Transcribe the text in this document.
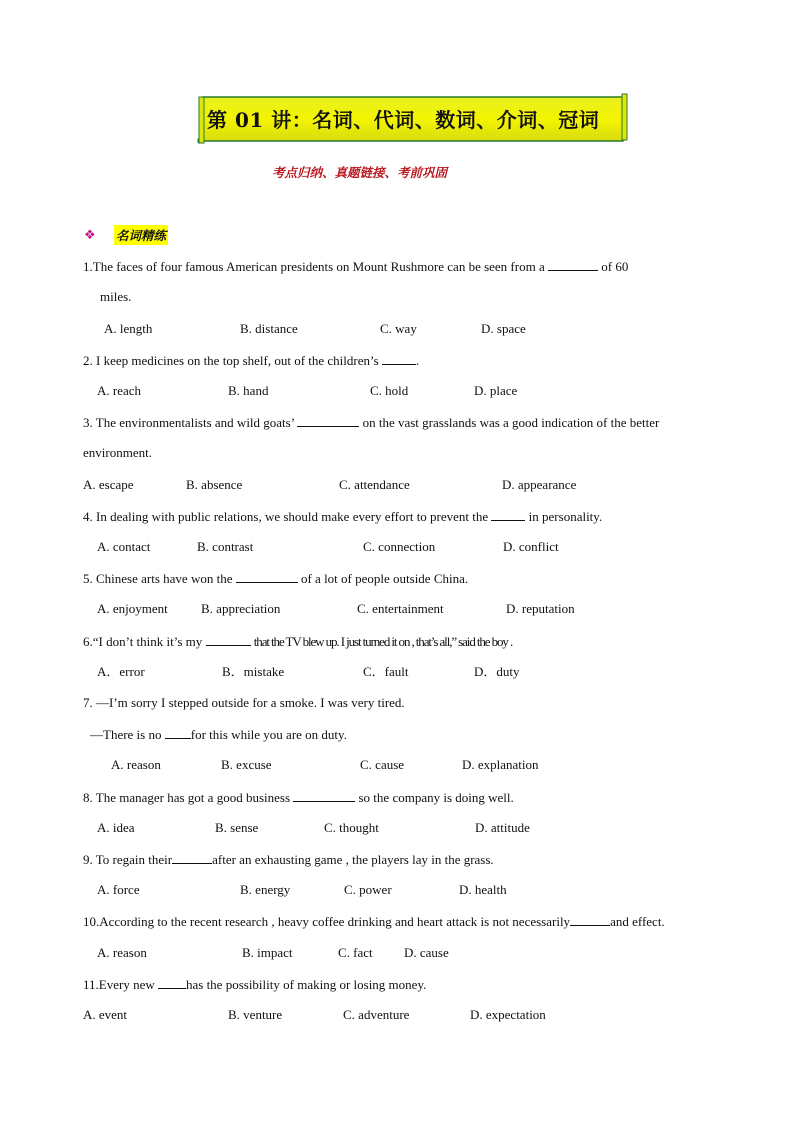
第 01 讲：名词、代词、数词、介词、冠词
考点归纳、真题链接、考前巩固
❖	名词精练
1.The faces of four famous American presidents on Mount Rushmore can be seen from a	of 60
miles.
A. length	B. distance	C. way	D. space
2. I keep medicines on the top shelf, out of the children’s	.
A. reach	B. hand	C. hold	D. place
3. The environmentalists and wild goats’	on the vast grasslands was a good indication of the better
environment.
A. escape	B. absence	C. attendance	D. appearance
4. In dealing with public relations, we should make every effort to prevent the	in personality.
A. contact	B. contrast	C. connection	D. conflict
5. Chinese arts have won the	of a lot of people outside China.
A. enjoyment	B. appreciation	C. entertainment	D. reputation
6.“I don’t think it’s my	that the TV blew up. I just turned it on , that’s all,” said the boy .
A．error	B．mistake	C．fault	D．duty
7. —I’m sorry I stepped outside for a smoke. I was very tired.
—There is no for this while you are on duty.
A. reason	B. excuse	C. cause	D. explanation
8. The manager has got a good business	so the company is doing well.
A. idea	B. sense	C. thought	D. attitude
9. To regain their	after an exhausting game , the players lay in the grass.
A. force	B. energy	C. power	D. health
10.According to the recent research , heavy coffee drinking and heart attack is not necessarily	and effect.
A. reason	B. impact	C. fact D. cause
11.Every new has the possibility of making or losing money.
A. event	B. venture	C. adventure	D. expectation
